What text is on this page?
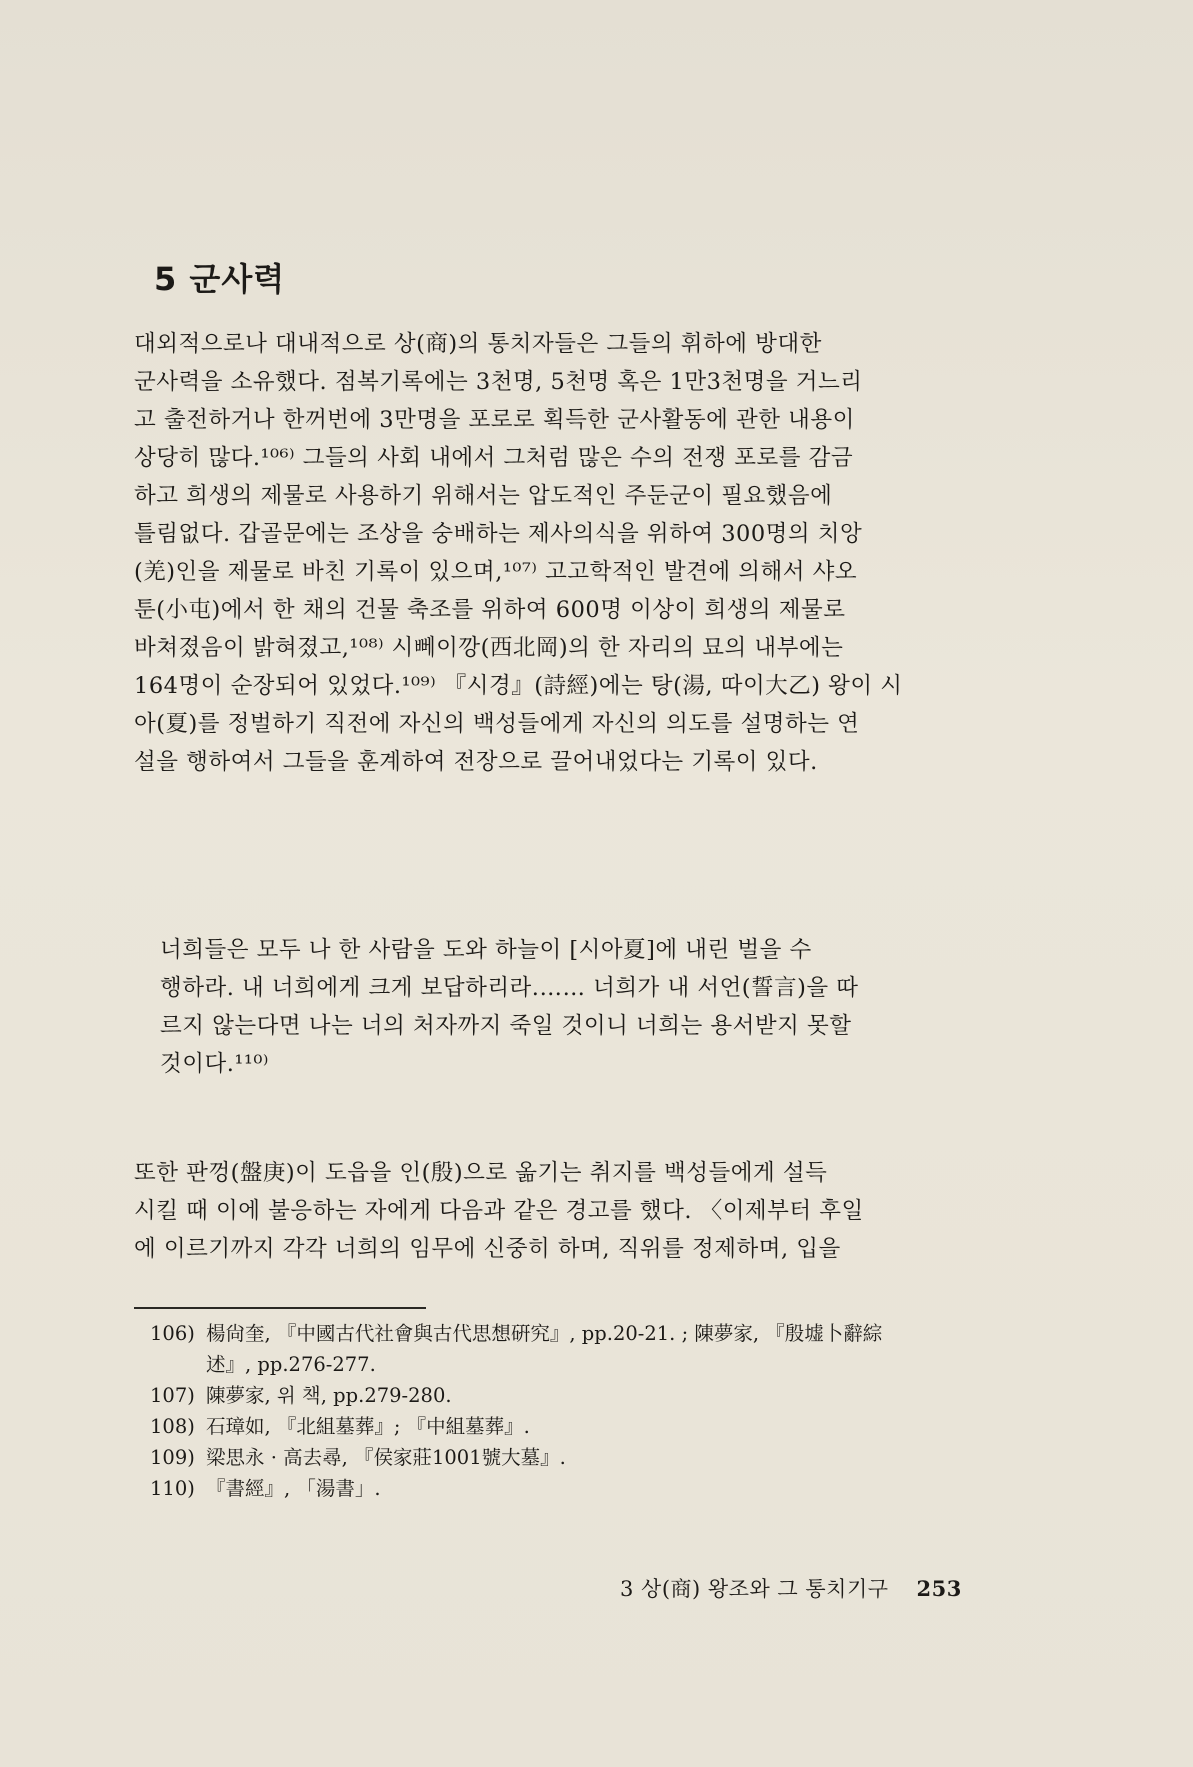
5 군사력
대외적으로나 대내적으로 상(商)의 통치자들은 그들의 휘하에 방대한
군사력을 소유했다. 점복기록에는 3천명, 5천명 혹은 1만3천명을 거느리
고 출전하거나 한꺼번에 3만명을 포로로 획득한 군사활동에 관한 내용이
상당히 많다.¹⁰⁶⁾ 그들의 사회 내에서 그처럼 많은 수의 전쟁 포로를 감금
하고 희생의 제물로 사용하기 위해서는 압도적인 주둔군이 필요했음에
틀림없다. 갑골문에는 조상을 숭배하는 제사의식을 위하여 300명의 치앙
(羌)인을 제물로 바친 기록이 있으며,¹⁰⁷⁾ 고고학적인 발견에 의해서 샤오
툰(小屯)에서 한 채의 건물 축조를 위하여 600명 이상이 희생의 제물로
바쳐졌음이 밝혀졌고,¹⁰⁸⁾ 시뻬이깡(西北岡)의 한 자리의 묘의 내부에는
164명이 순장되어 있었다.¹⁰⁹⁾ 『시경』(詩經)에는 탕(湯, 따이大乙) 왕이 시
아(夏)를 정벌하기 직전에 자신의 백성들에게 자신의 의도를 설명하는 연
설을 행하여서 그들을 훈계하여 전장으로 끌어내었다는 기록이 있다.
너희들은 모두 나 한 사람을 도와 하늘이 [시아夏]에 내린 벌을 수
행하라. 내 너희에게 크게 보답하리라.…… 너희가 내 서언(誓言)을 따
르지 않는다면 나는 너의 처자까지 죽일 것이니 너희는 용서받지 못할
것이다.¹¹⁰⁾
또한 판껑(盤庚)이 도읍을 인(殷)으로 옮기는 취지를 백성들에게 설득
시킬 때 이에 불응하는 자에게 다음과 같은 경고를 했다. 〈이제부터 후일
에 이르기까지 각각 너희의 임무에 신중히 하며, 직위를 정제하며, 입을
106) 楊尙奎, 『中國古代社會與古代思想硏究』, pp.20-21. ; 陳夢家, 『殷墟卜辭綜
述』, pp.276-277.
107) 陳夢家, 위 책, pp.279-280.
108) 石璋如, 『北組墓葬』; 『中組墓葬』.
109) 梁思永 · 高去尋, 『侯家莊1001號大墓』.
110) 『書經』, 「湯書」.
3 상(商) 왕조와 그 통치기구 253
